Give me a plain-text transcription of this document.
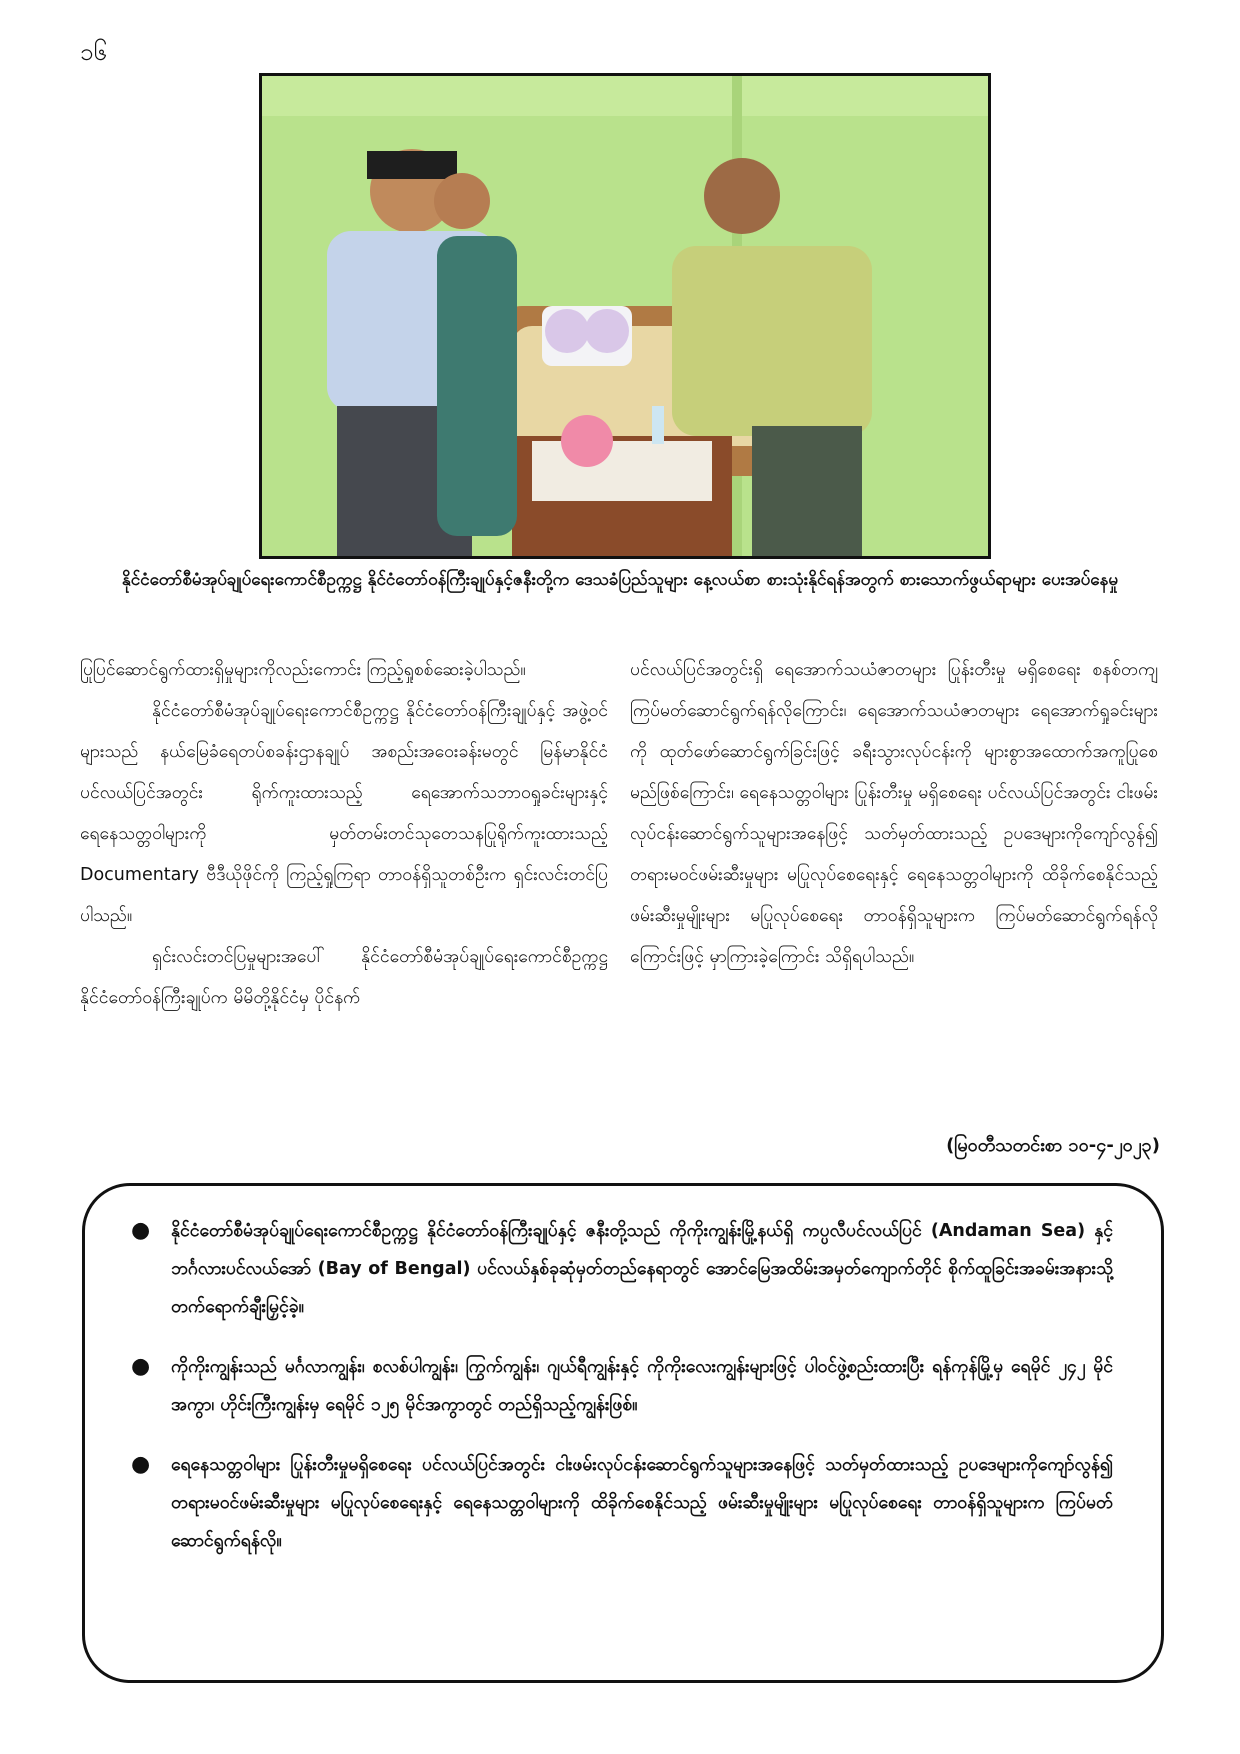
၁၆
နိုင်ငံတော်စီမံအုပ်ချုပ်ရေးကောင်စီဥက္ကဋ္ဌ နိုင်ငံတော်ဝန်ကြီးချုပ်နှင့်ဇနီးတို့က ဒေသခံပြည်သူများ နေ့လယ်စာ စားသုံးနိုင်ရန်အတွက် စားသောက်ဖွယ်ရာများ ပေးအပ်နေမှု

ပြုပြင်ဆောင်ရွက်ထားရှိမှုများကိုလည်းကောင်း ကြည့်ရှုစစ်ဆေးခဲ့ပါသည်။

နိုင်ငံတော်စီမံအုပ်ချုပ်ရေးကောင်စီဥက္ကဋ္ဌ နိုင်ငံတော်ဝန်ကြီးချုပ်နှင့် အဖွဲ့ဝင်များသည် နယ်မြေခံရေတပ်စခန်းဌာနချုပ် အစည်းအဝေးခန်းမတွင် မြန်မာနိုင်ငံပင်လယ်ပြင်အတွင်း ရိုက်ကူးထားသည့် ရေအောက်သဘာဝရှုခင်းများနှင့် ရေနေသတ္တဝါများကို မှတ်တမ်းတင်သုတေသနပြုရိုက်ကူးထားသည့် Documentary ဗီဒီယိုဖိုင်ကို ကြည့်ရှုကြရာ တာဝန်ရှိသူတစ်ဦးက ရှင်းလင်းတင်ပြပါသည်။

ရှင်းလင်းတင်ပြမှုများအပေါ် နိုင်ငံတော်စီမံအုပ်ချုပ်ရေးကောင်စီဥက္ကဋ္ဌ နိုင်ငံတော်ဝန်ကြီးချုပ်က မိမိတို့နိုင်ငံမှ ပိုင်နက်

ပင်လယ်ပြင်အတွင်းရှိ ရေအောက်သယံဇာတများ ပြုန်းတီးမှု မရှိစေရေး စနစ်တကျ ကြပ်မတ်ဆောင်ရွက်ရန်လိုကြောင်း၊ ရေအောက်သယံဇာတများ ရေအောက်ရှုခင်းများကို ထုတ်ဖော်ဆောင်ရွက်ခြင်းဖြင့် ခရီးသွားလုပ်ငန်းကို များစွာအထောက်အကူပြုစေမည်ဖြစ်ကြောင်း၊ ရေနေသတ္တဝါများ ပြုန်းတီးမှု မရှိစေရေး ပင်လယ်ပြင်အတွင်း ငါးဖမ်းလုပ်ငန်းဆောင်ရွက်သူများအနေဖြင့် သတ်မှတ်ထားသည့် ဥပဒေများကိုကျော်လွန်၍ တရားမဝင်ဖမ်းဆီးမှုများ မပြုလုပ်စေရေးနှင့် ရေနေသတ္တဝါများကို ထိခိုက်စေနိုင်သည့်ဖမ်းဆီးမှုမျိုးများ မပြုလုပ်စေရေး တာဝန်ရှိသူများက ကြပ်မတ်ဆောင်ရွက်ရန်လိုကြောင်းဖြင့် မှာကြားခဲ့ကြောင်း သိရှိရပါသည်။

(မြဝတီသတင်းစာ ၁၀-၄-၂၀၂၃)
● နိုင်ငံတော်စီမံအုပ်ချုပ်ရေးကောင်စီဥက္ကဋ္ဌ နိုင်ငံတော်ဝန်ကြီးချုပ်နှင့် ဇနီးတို့သည် ကိုကိုးကျွန်းမြို့နယ်ရှိ ကပ္ပလီပင်လယ်ပြင် (Andaman Sea) နှင့် ဘင်္ဂလားပင်လယ်အော် (Bay of Bengal) ပင်လယ်နှစ်ခုဆုံမှတ်တည်နေရာတွင် အောင်မြေအထိမ်းအမှတ်ကျောက်တိုင် စိုက်ထူခြင်းအခမ်းအနားသို့ တက်ရောက်ချီးမြှင့်ခဲ့။
● ကိုကိုးကျွန်းသည် မင်္ဂလာကျွန်း၊ စလစ်ပါကျွန်း၊ ကြွက်ကျွန်း၊ ဂျယ်ရီကျွန်းနှင့် ကိုကိုးလေးကျွန်းများဖြင့် ပါဝင်ဖွဲ့စည်းထားပြီး ရန်ကုန်မြို့မှ ရေမိုင် ၂၄၂ မိုင်အကွာ၊ ဟိုင်းကြီးကျွန်းမှ ရေမိုင် ၁၂၅ မိုင်အကွာတွင် တည်ရှိသည့်ကျွန်းဖြစ်။
● ရေနေသတ္တဝါများ ပြုန်းတီးမှုမရှိစေရေး ပင်လယ်ပြင်အတွင်း ငါးဖမ်းလုပ်ငန်းဆောင်ရွက်သူများအနေဖြင့် သတ်မှတ်ထားသည့် ဥပဒေများကိုကျော်လွန်၍ တရားမဝင်ဖမ်းဆီးမှုများ မပြုလုပ်စေရေးနှင့် ရေနေသတ္တဝါများကို ထိခိုက်စေနိုင်သည့် ဖမ်းဆီးမှုမျိုးများ မပြုလုပ်စေရေး တာဝန်ရှိသူများက ကြပ်မတ်ဆောင်ရွက်ရန်လို။
